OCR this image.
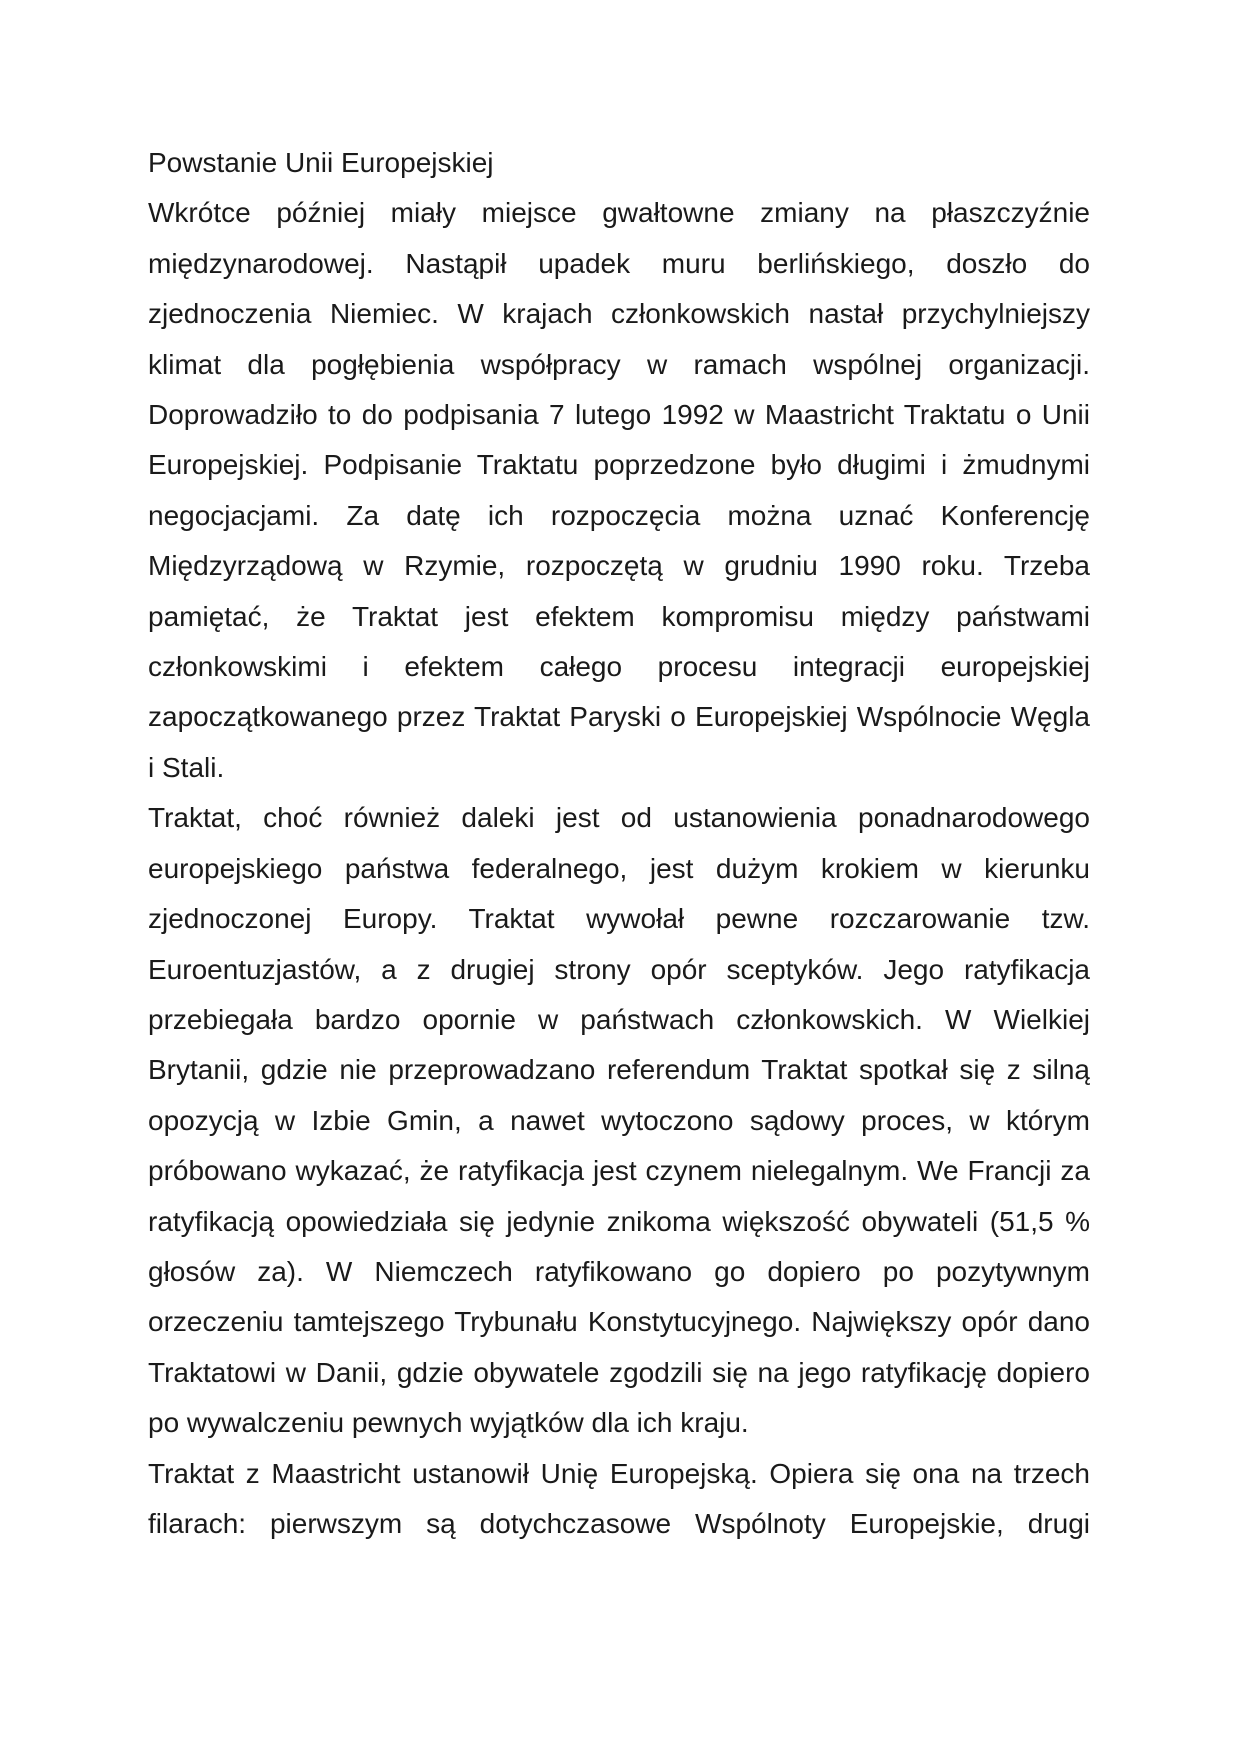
Powstanie Unii Europejskiej

Wkrótce później miały miejsce gwałtowne zmiany na płaszczyźnie międzynarodowej. Nastąpił upadek muru berlińskiego, doszło do zjednoczenia Niemiec. W krajach członkowskich nastał przychylniejszy klimat dla pogłębienia współpracy w ramach wspólnej organizacji. Doprowadziło to do podpisania 7 lutego 1992 w Maastricht Traktatu o Unii Europejskiej. Podpisanie Traktatu poprzedzone było długimi i żmudnymi negocjacjami. Za datę ich rozpoczęcia można uznać Konferencję Międzyrządową w Rzymie, rozpoczętą w grudniu 1990 roku. Trzeba pamiętać, że Traktat jest efektem kompromisu między państwami członkowskimi i efektem całego procesu integracji europejskiej zapoczątkowanego przez Traktat Paryski o Europejskiej Wspólnocie Węgla i Stali.

Traktat, choć również daleki jest od ustanowienia ponadnarodowego europejskiego państwa federalnego, jest dużym krokiem w kierunku zjednoczonej Europy. Traktat wywołał pewne rozczarowanie tzw. Euroentuzjastów, a z drugiej strony opór sceptyków. Jego ratyfikacja przebiegała bardzo opornie w państwach członkowskich. W Wielkiej Brytanii, gdzie nie przeprowadzano referendum Traktat spotkał się z silną opozycją w Izbie Gmin, a nawet wytoczono sądowy proces, w którym próbowano wykazać, że ratyfikacja jest czynem nielegalnym. We Francji za ratyfikacją opowiedziała się jedynie znikoma większość obywateli (51,5 % głosów za). W Niemczech ratyfikowano go dopiero po pozytywnym orzeczeniu tamtejszego Trybunału Konstytucyjnego. Największy opór dano Traktatowi w Danii, gdzie obywatele zgodzili się na jego ratyfikację dopiero po wywalczeniu pewnych wyjątków dla ich kraju.

Traktat z Maastricht ustanowił Unię Europejską. Opiera się ona na trzech filarach: pierwszym są dotychczasowe Wspólnoty Europejskie, drugi
